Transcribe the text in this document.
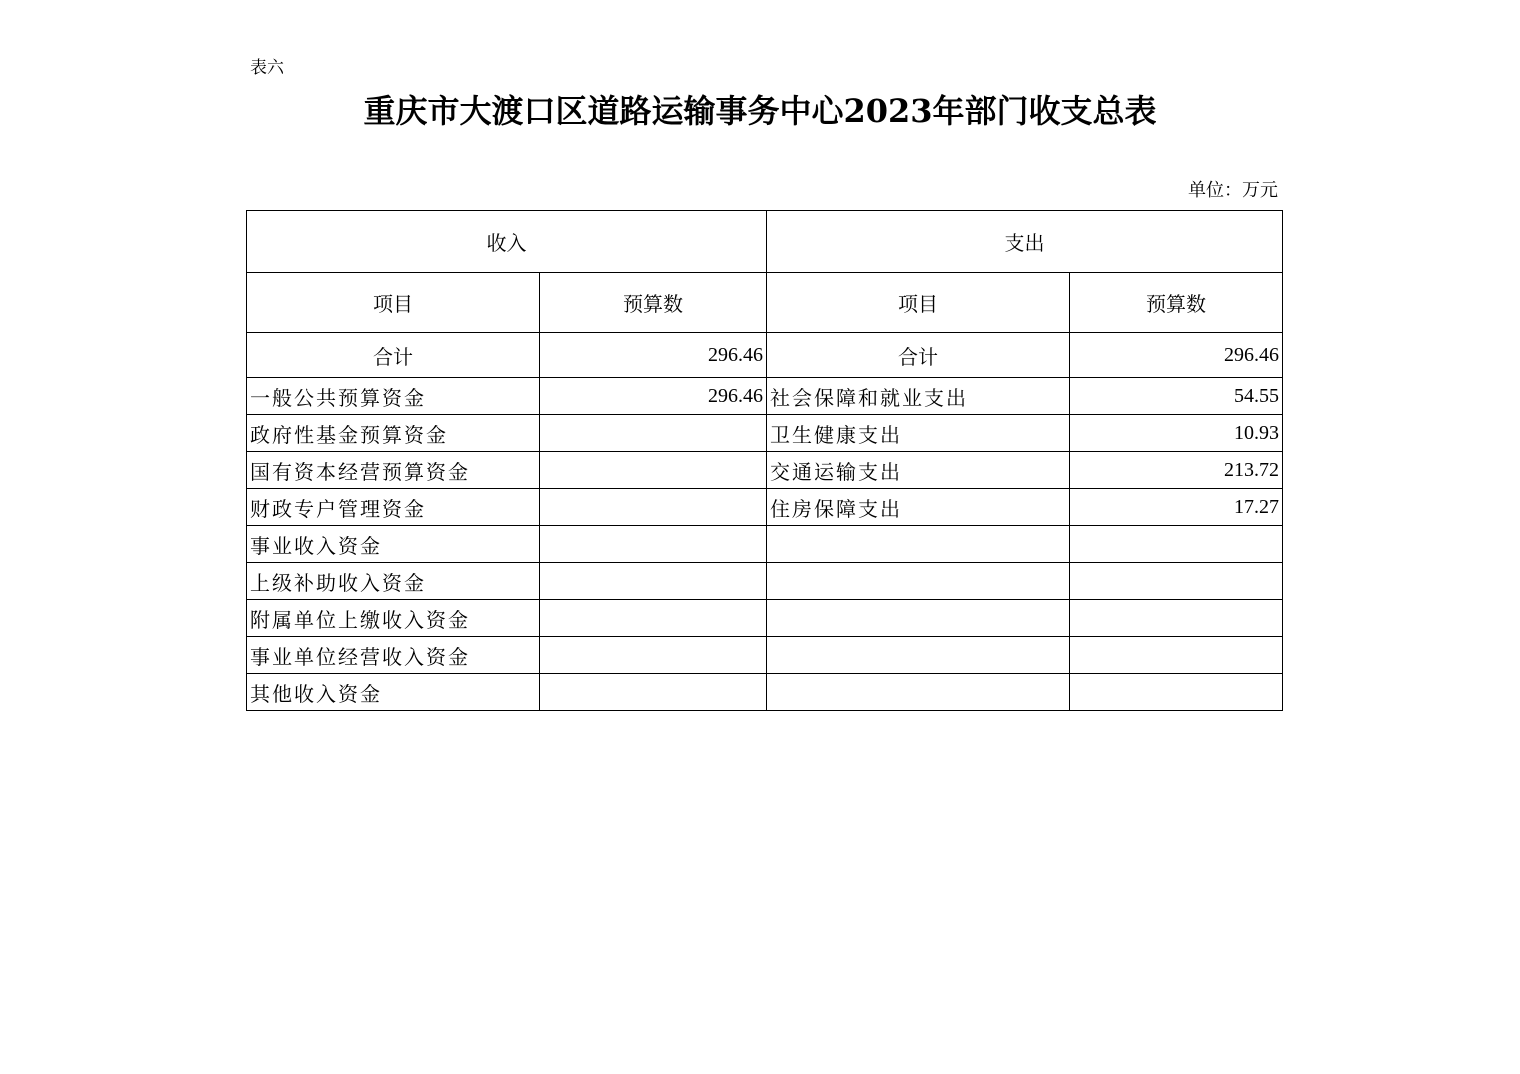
表六
重庆市大渡口区道路运输事务中心2023年部门收支总表
单位：万元
收入		支出	
项目	预算数	项目	预算数
合计	296.46	合计	296.46
一般公共预算资金	296.46	社会保障和就业支出	54.55
政府性基金预算资金		卫生健康支出	10.93
国有资本经营预算资金		交通运输支出	213.72
财政专户管理资金		住房保障支出	17.27
事业收入资金			
上级补助收入资金			
附属单位上缴收入资金			
事业单位经营收入资金			
其他收入资金			
